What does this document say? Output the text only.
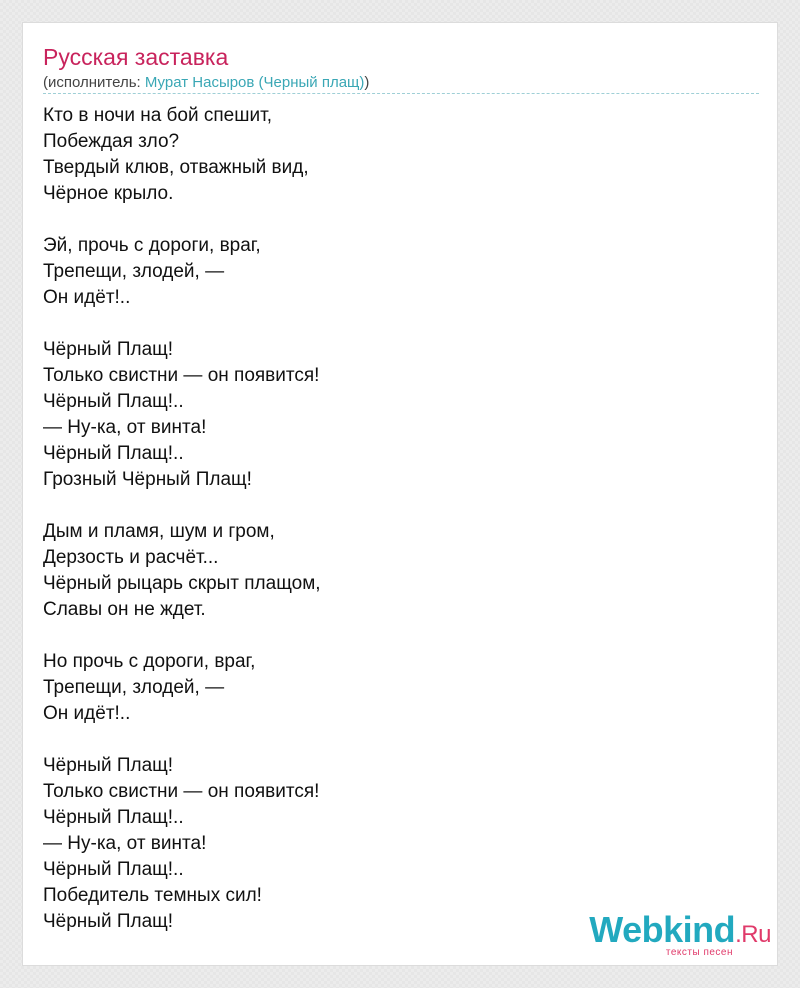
Русская заставка
(исполнитель: Мурат Насыров (Черный плащ))
Кто в ночи на бой спешит,
Побеждая зло?
Твердый клюв, отважный вид,
Чёрное крыло.
Эй, прочь с дороги, враг,
Трепещи, злодей, —
Он идёт!..
Чёрный Плащ!
Только свистни — он появится!
Чёрный Плащ!..
— Ну-ка, от винта!
Чёрный Плащ!..
Грозный Чёрный Плащ!
Дым и пламя, шум и гром,
Дерзость и расчёт...
Чёрный рыцарь скрыт плащом,
Славы он не ждет.
Но прочь с дороги, враг,
Трепещи, злодей, —
Он идёт!..
Чёрный Плащ!
Только свистни — он появится!
Чёрный Плащ!..
— Ну-ка, от винта!
Чёрный Плащ!..
Победитель темных сил!
Чёрный Плащ!	Webkind.Ru
тексты песен
